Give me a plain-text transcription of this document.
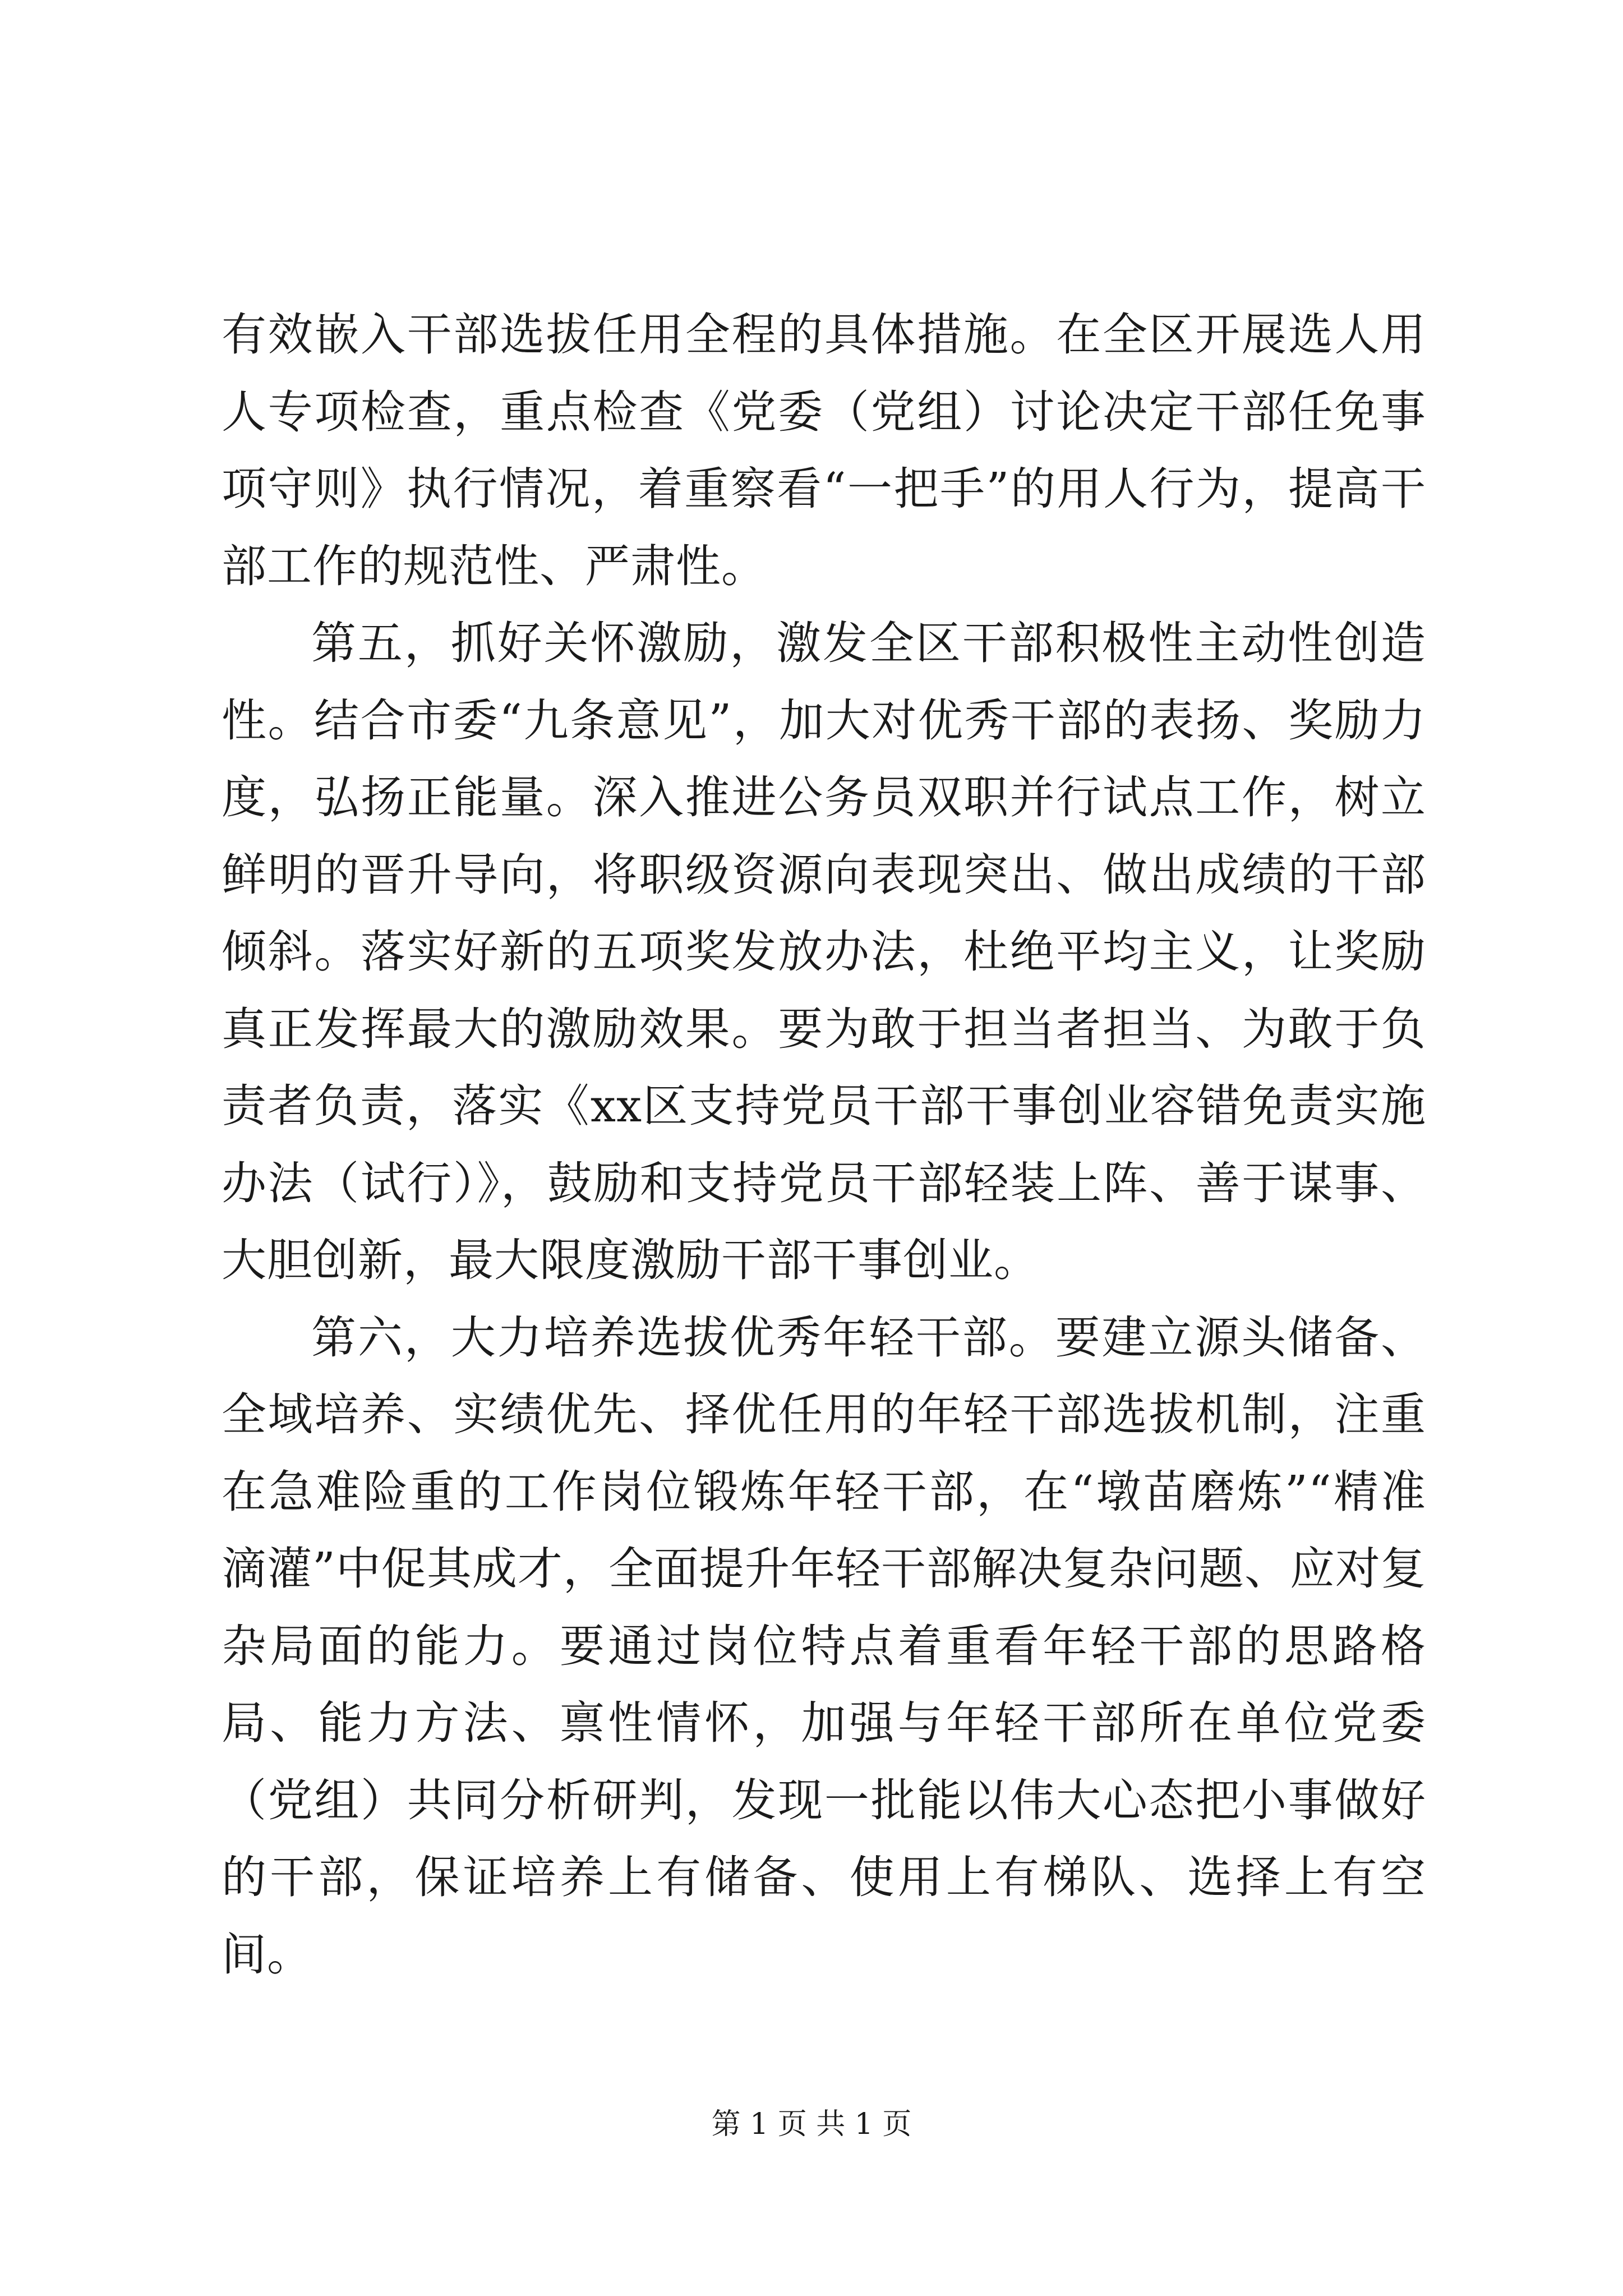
有效嵌入干部选拔任用全程的具体措施。在全区开展选人用人专项检查，重点检查《党委（党组）讨论决定干部任免事项守则》执行情况，着重察看“一把手”的用人行为，提高干部工作的规范性、严肃性。

第五，抓好关怀激励，激发全区干部积极性主动性创造性。结合市委“九条意见”，加大对优秀干部的表扬、奖励力度，弘扬正能量。深入推进公务员双职并行试点工作，树立鲜明的晋升导向，将职级资源向表现突出、做出成绩的干部倾斜。落实好新的五项奖发放办法，杜绝平均主义，让奖励真正发挥最大的激励效果。要为敢于担当者担当、为敢于负责者负责，落实《xx区支持党员干部干事创业容错免责实施办法（试行）》，鼓励和支持党员干部轻装上阵、善于谋事、大胆创新，最大限度激励干部干事创业。

第六，大力培养选拔优秀年轻干部。要建立源头储备、全域培养、实绩优先、择优任用的年轻干部选拔机制，注重在急难险重的工作岗位锻炼年轻干部，在“墩苗磨炼”“精准滴灌”中促其成才，全面提升年轻干部解决复杂问题、应对复杂局面的能力。要通过岗位特点着重看年轻干部的思路格局、能力方法、禀性情怀，加强与年轻干部所在单位党委（党组）共同分析研判，发现一批能以伟大心态把小事做好的干部，保证培养上有储备、使用上有梯队、选择上有空间。

第 1 页 共 1 页
